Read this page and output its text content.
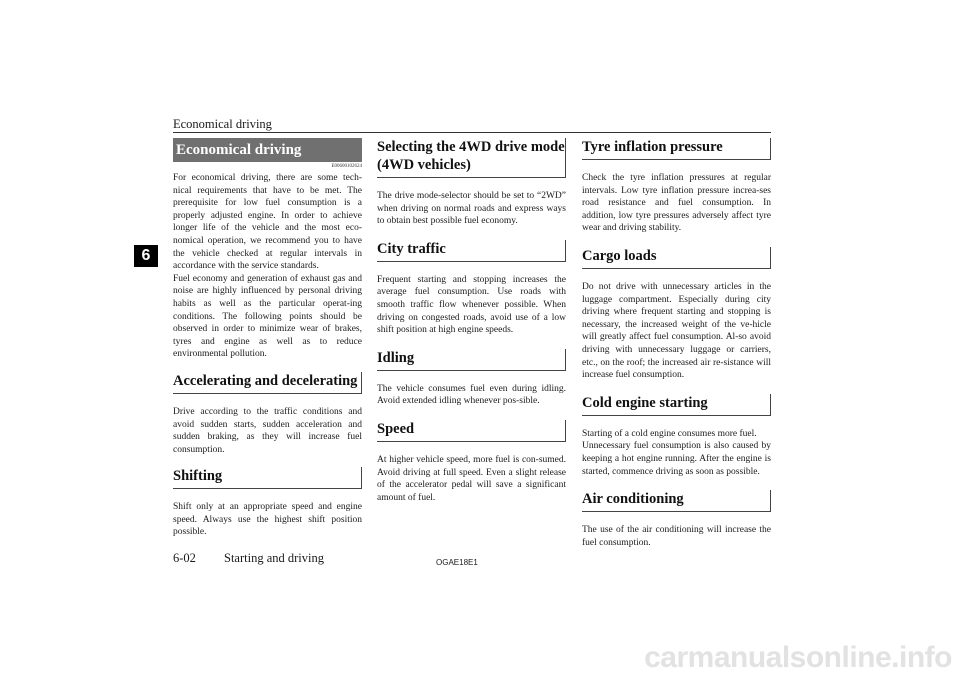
Economical driving
6
Economical driving
E00600102624

For economical driving, there are some tech-nical requirements that have to be met. The prerequisite for low fuel consumption is a properly adjusted engine. In order to achieve longer life of the vehicle and the most eco-nomical operation, we recommend you to have the vehicle checked at regular intervals in accordance with the service standards.

Fuel economy and generation of exhaust gas and noise are highly influenced by personal driving habits as well as the particular operat-ing conditions. The following points should be observed in order to minimize wear of brakes, tyres and engine as well as to reduce environmental pollution.

Accelerating and decelerating

Drive according to the traffic conditions and avoid sudden starts, sudden acceleration and sudden braking, as they will increase fuel consumption.

Shifting

Shift only at an appropriate speed and engine speed. Always use the highest shift position possible.

Selecting the 4WD drive mode (4WD vehicles)

The drive mode-selector should be set to “2WD” when driving on normal roads and express ways to obtain best possible fuel economy.

City traffic

Frequent starting and stopping increases the average fuel consumption. Use roads with smooth traffic flow whenever possible. When driving on congested roads, avoid use of a low shift position at high engine speeds.

Idling

The vehicle consumes fuel even during idling. Avoid extended idling whenever pos-sible.

Speed

At higher vehicle speed, more fuel is con-sumed. Avoid driving at full speed. Even a slight release of the accelerator pedal will save a significant amount of fuel.

Tyre inflation pressure

Check the tyre inflation pressures at regular intervals. Low tyre inflation pressure increa-ses road resistance and fuel consumption. In addition, low tyre pressures adversely affect tyre wear and driving stability.

Cargo loads

Do not drive with unnecessary articles in the luggage compartment. Especially during city driving where frequent starting and stopping is necessary, the increased weight of the ve-hicle will greatly affect fuel consumption. Al-so avoid driving with unnecessary luggage or carriers, etc., on the roof; the increased air re-sistance will increase fuel consumption.

Cold engine starting

Starting of a cold engine consumes more fuel.

Unnecessary fuel consumption is also caused by keeping a hot engine running. After the engine is started, commence driving as soon as possible.

Air conditioning

The use of the air conditioning will increase the fuel consumption.

6-02 Starting and driving	OGAE18E1
carmanualsonline.info
